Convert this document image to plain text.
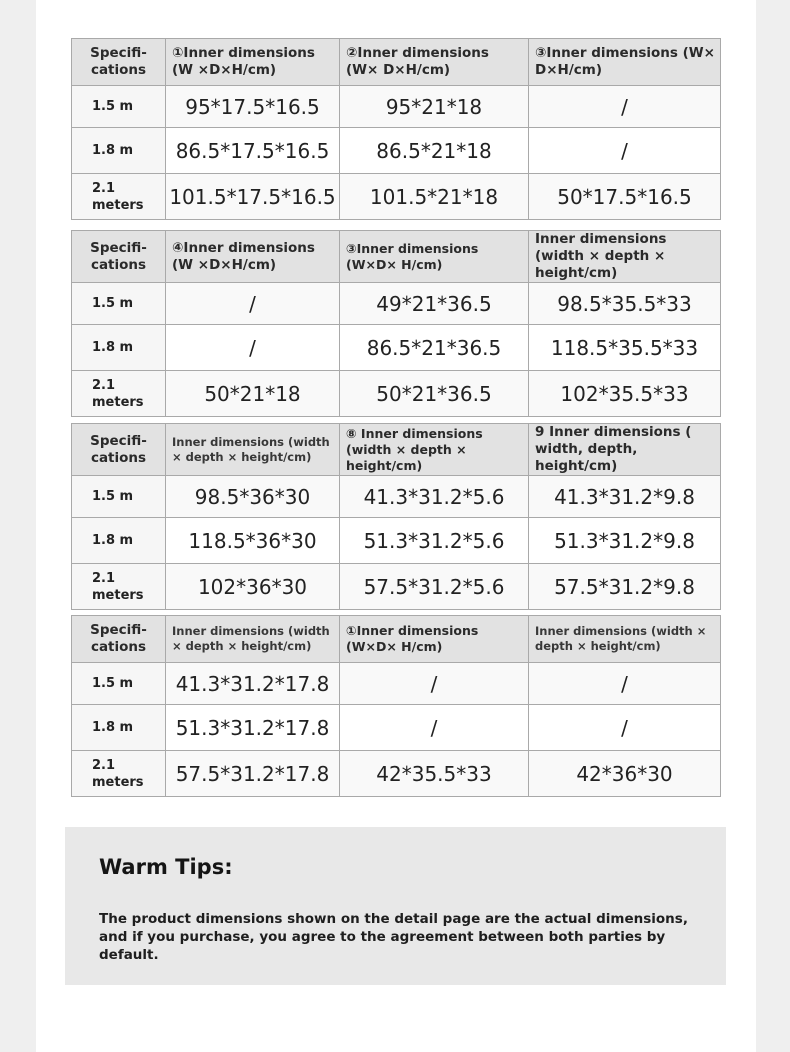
Specifi-
cations	①Inner dimensions (W ×D×H/cm)	②Inner dimensions (W× D×H/cm)	③Inner dimensions (W× D×H/cm)
1.5 m	95*17.5*16.5	95*21*18	/
1.8 m	86.5*17.5*16.5	86.5*21*18	/
2.1
meters	101.5*17.5*16.5	101.5*21*18	50*17.5*16.5
Specifi-
cations	④Inner dimensions (W ×D×H/cm)	③Inner dimensions (W×D× H/cm)	Inner dimensions (width × depth × height/cm)
1.5 m	/	49*21*36.5	98.5*35.5*33
1.8 m	/	86.5*21*36.5	118.5*35.5*33
2.1
meters	50*21*18	50*21*36.5	102*35.5*33
Specifi-
cations	Inner dimensions (width × depth × height/cm)	⑧ Inner dimensions (width × depth × height/cm)	9 Inner dimensions ( width, depth, height/cm)
1.5 m	98.5*36*30	41.3*31.2*5.6	41.3*31.2*9.8
1.8 m	118.5*36*30	51.3*31.2*5.6	51.3*31.2*9.8
2.1
meters	102*36*30	57.5*31.2*5.6	57.5*31.2*9.8
Specifi-
cations	Inner dimensions (width × depth × height/cm)	①Inner dimensions (W×D× H/cm)	Inner dimensions (width × depth × height/cm)
1.5 m	41.3*31.2*17.8	/	/
1.8 m	51.3*31.2*17.8	/	/
2.1
meters	57.5*31.2*17.8	42*35.5*33	42*36*30
Warm Tips:
The product dimensions shown on the detail page are the actual dimensions, and if you purchase, you agree to the agreement between both parties by default.
